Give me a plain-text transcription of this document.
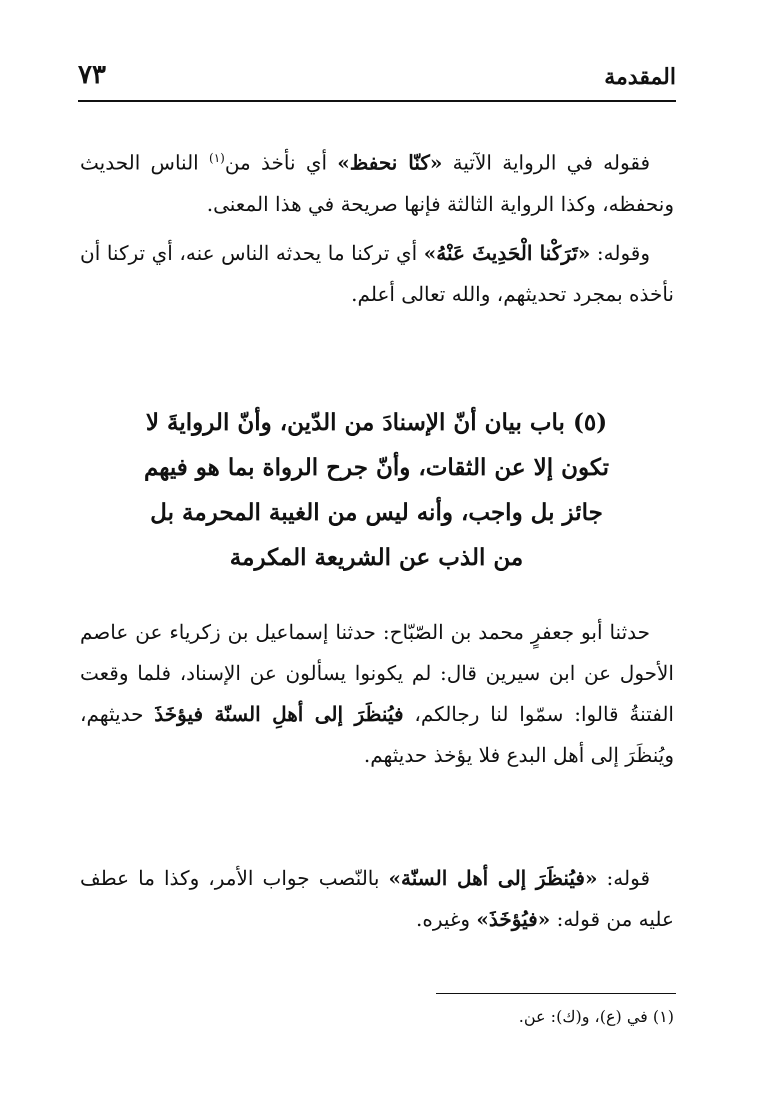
المقدمة
٧٣

فقوله في الرواية الآتية «كنّا نحفظ» أي نأخذ من$^{(١)}$ الناس الحديث ونحفظه، وكذا الرواية الثالثة فإنها صريحة في هذا المعنى.

وقوله: «تَرَكْنا الْحَدِيثَ عَنْهُ» أي تركنا ما يحدثه الناس عنه، أي تركنا أن نأخذه بمجرد تحديثهم، والله تعالى أعلم.

(٥) باب بيان أنّ الإسنادَ من الدّين، وأنّ الروايةَ لا تكون إلا عن الثقات، وأنّ جرح الرواة بما هو فيهم جائز بل واجب، وأنه ليس من الغيبة المحرمة بل من الذب عن الشريعة المكرمة

حدثنا أبو جعفرٍ محمد بن الصّبّاح: حدثنا إسماعيل بن زكرياء عن عاصم الأحول عن ابن سيرين قال: لم يكونوا يسألون عن الإسناد، فلما وقعت الفتنةُ قالوا: سمّوا لنا رجالكم، فيُنظَرَ إلى أهلِ السنّة فيؤخَذَ حديثهم، ويُنظَرَ إلى أهل البدع فلا يؤخذ حديثهم.

قوله: «فيُنظَرَ إلى أهل السنّة» بالنّصب جواب الأمر، وكذا ما عطف عليه من قوله: «فيُؤخَذَ» وغيره.

(١) في (ع)، و(ك): عن.
